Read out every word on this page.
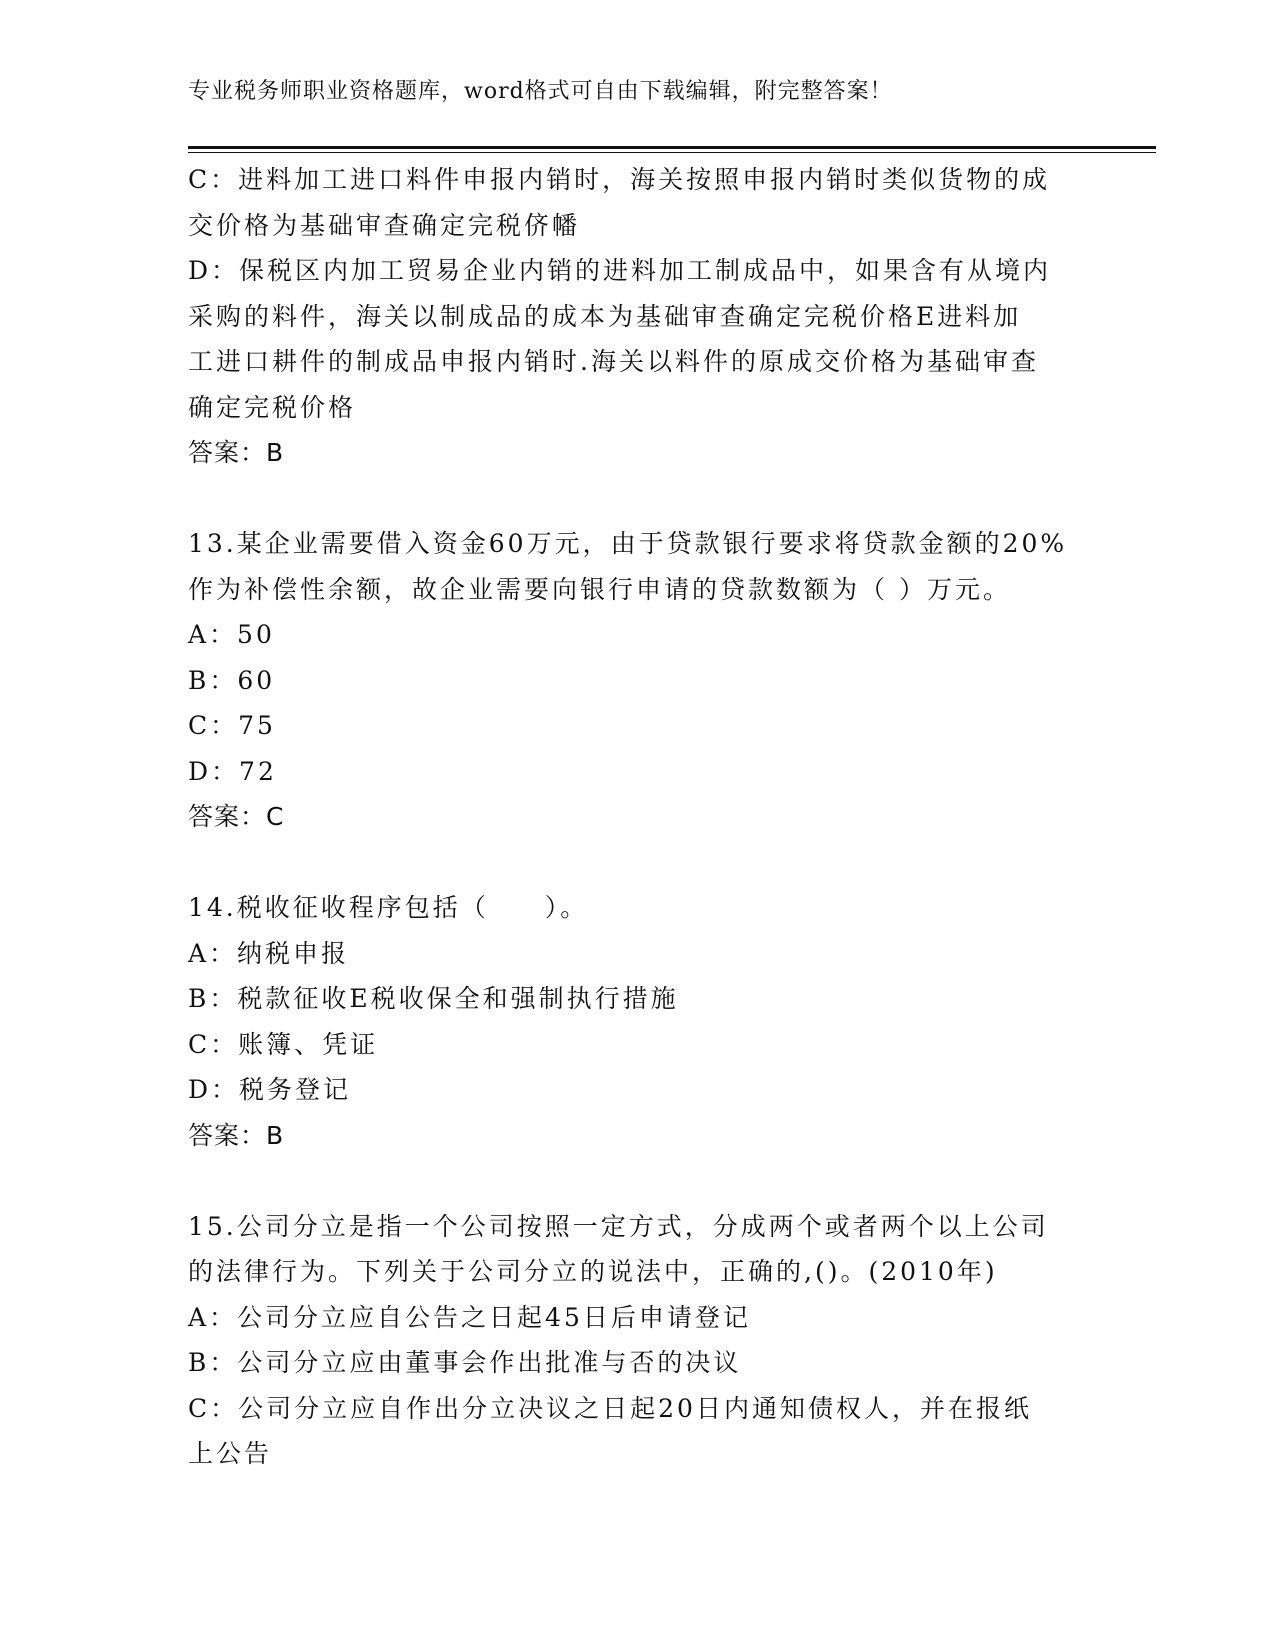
专业税务师职业资格题库，word格式可自由下载编辑，附完整答案！
C：进料加工进口料件申报内销时，海关按照申报内销时类似货物的成
交价格为基础审查确定完税侪幡
D：保税区内加工贸易企业内销的进料加工制成品中，如果含有从境内
采购的料件，海关以制成品的成本为基础审查确定完税价格E进料加
工进口耕件的制成品申报内销时.海关以料件的原成交价格为基础审查
确定完税价格
答案：B
13.某企业需要借入资金60万元，由于贷款银行要求将贷款金额的20%
作为补偿性余额，故企业需要向银行申请的贷款数额为（ ）万元。
A：50
B：60
C：75
D：72
答案：C
14.税收征收程序包括（　　）。
A：纳税申报
B：税款征收E税收保全和强制执行措施
C：账簿、凭证
D：税务登记
答案：B
15.公司分立是指一个公司按照一定方式，分成两个或者两个以上公司
的法律行为。下列关于公司分立的说法中，正确的,()。(2010年)
A：公司分立应自公告之日起45日后申请登记
B：公司分立应由董事会作出批准与否的决议
C：公司分立应自作出分立决议之日起20日内通知债权人，并在报纸
上公告
